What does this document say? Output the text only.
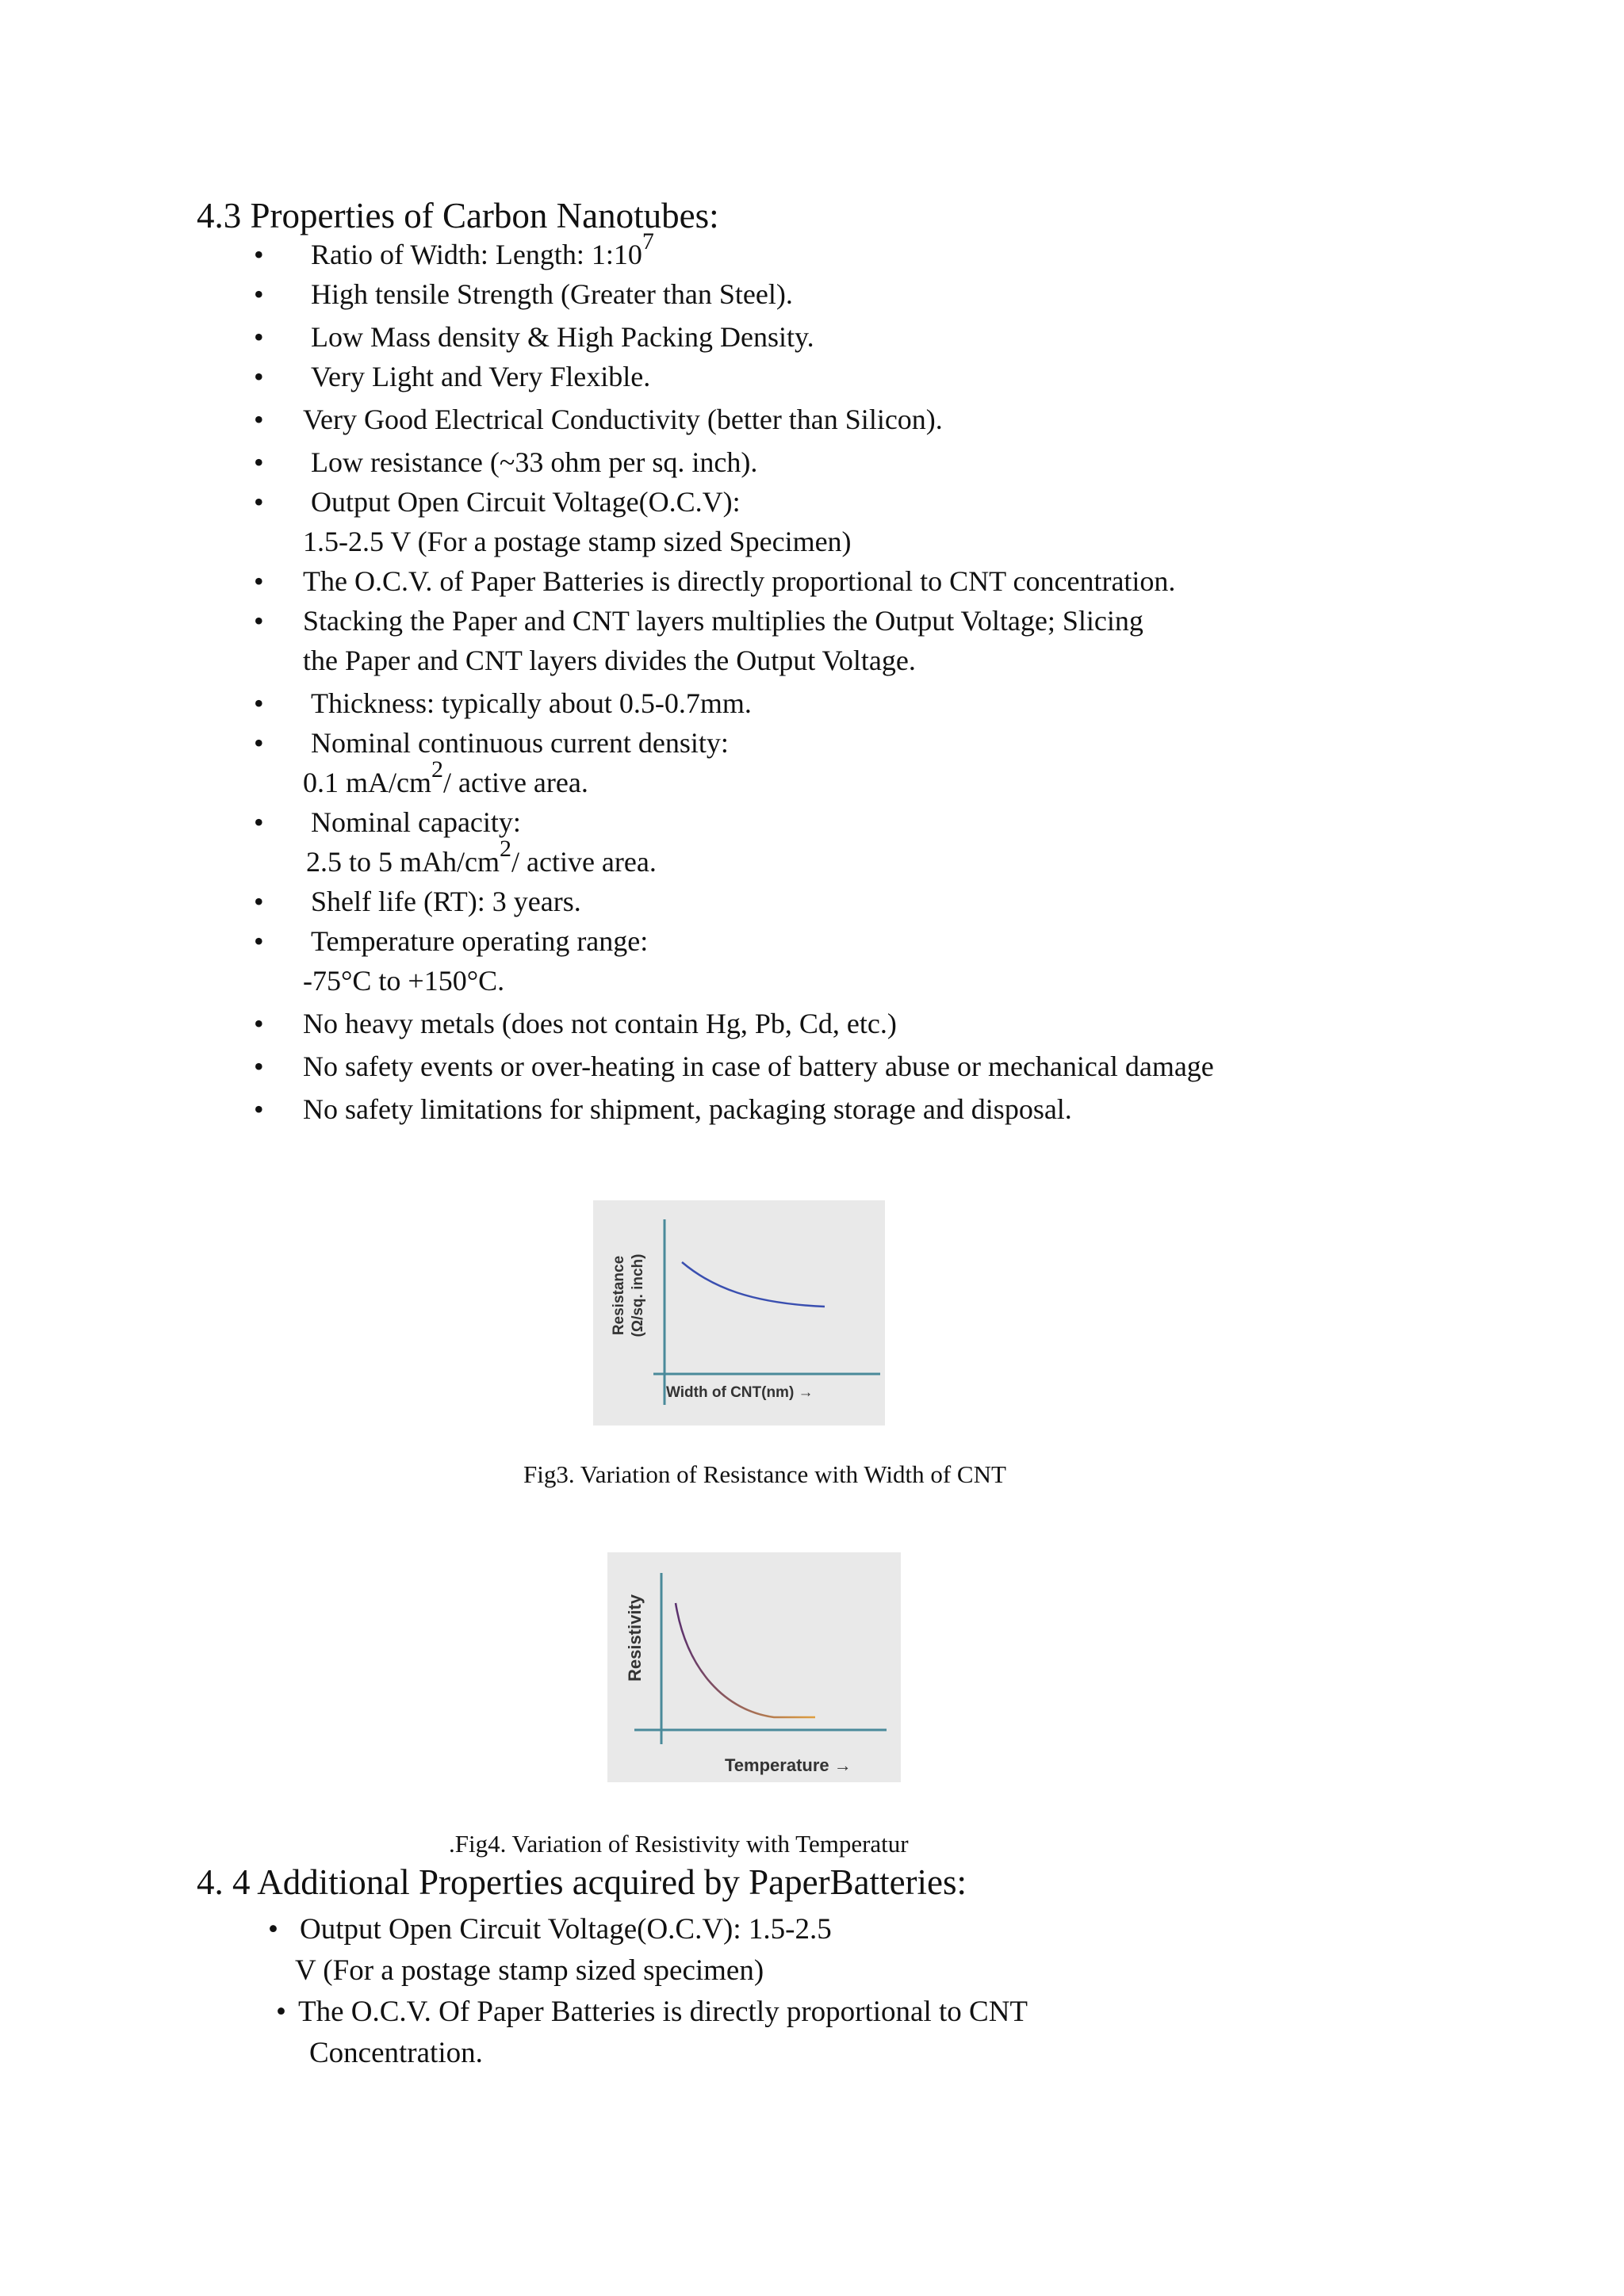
4.3 Properties of Carbon Nanotubes:
•	Ratio of Width: Length: $1:10^7$
•	High tensile Strength (Greater than Steel).
•	Low Mass density & High Packing Density.
•	Very Light and Very Flexible.
•	Very Good Electrical Conductivity (better than Silicon).
•	Low resistance (~33 ohm per sq. inch).
•	Output Open Circuit Voltage(O.C.V):
1.5-2.5 V (For a postage stamp sized Specimen)
•	The O.C.V. of Paper Batteries is directly proportional to CNT concentration.
•	Stacking the Paper and CNT layers multiplies the Output Voltage; Slicing
the Paper and CNT layers divides the Output Voltage.
•	Thickness: typically about 0.5-0.7mm.
•	Nominal continuous current density:
0.1 $mA/cm^2/$ active area.
•	Nominal capacity:
2.5 to 5 mAh/$cm^2/$ active area.
•	Shelf life (RT): 3 years.
•	Temperature operating range:
-75°C to +150°C.
•	No heavy metals (does not contain Hg, Pb, Cd, etc.)
•	No safety events or over-heating in case of battery abuse or mechanical damage
•	No safety limitations for shipment, packaging storage and disposal.
Resistance (Ω/sq. inch)
Width of CNT(nm) →
Fig3. Variation of Resistance with Width of CNT
Resistivity
Temperature →
.Fig4. Variation of Resistivity with Temperatur
4. 4 Additional Properties acquired by PaperBatteries:
• Output Open Circuit Voltage(O.C.V): 1.5-2.5
V (For a postage stamp sized specimen)
• The O.C.V. Of Paper Batteries is directly proportional to CNT
Concentration.
